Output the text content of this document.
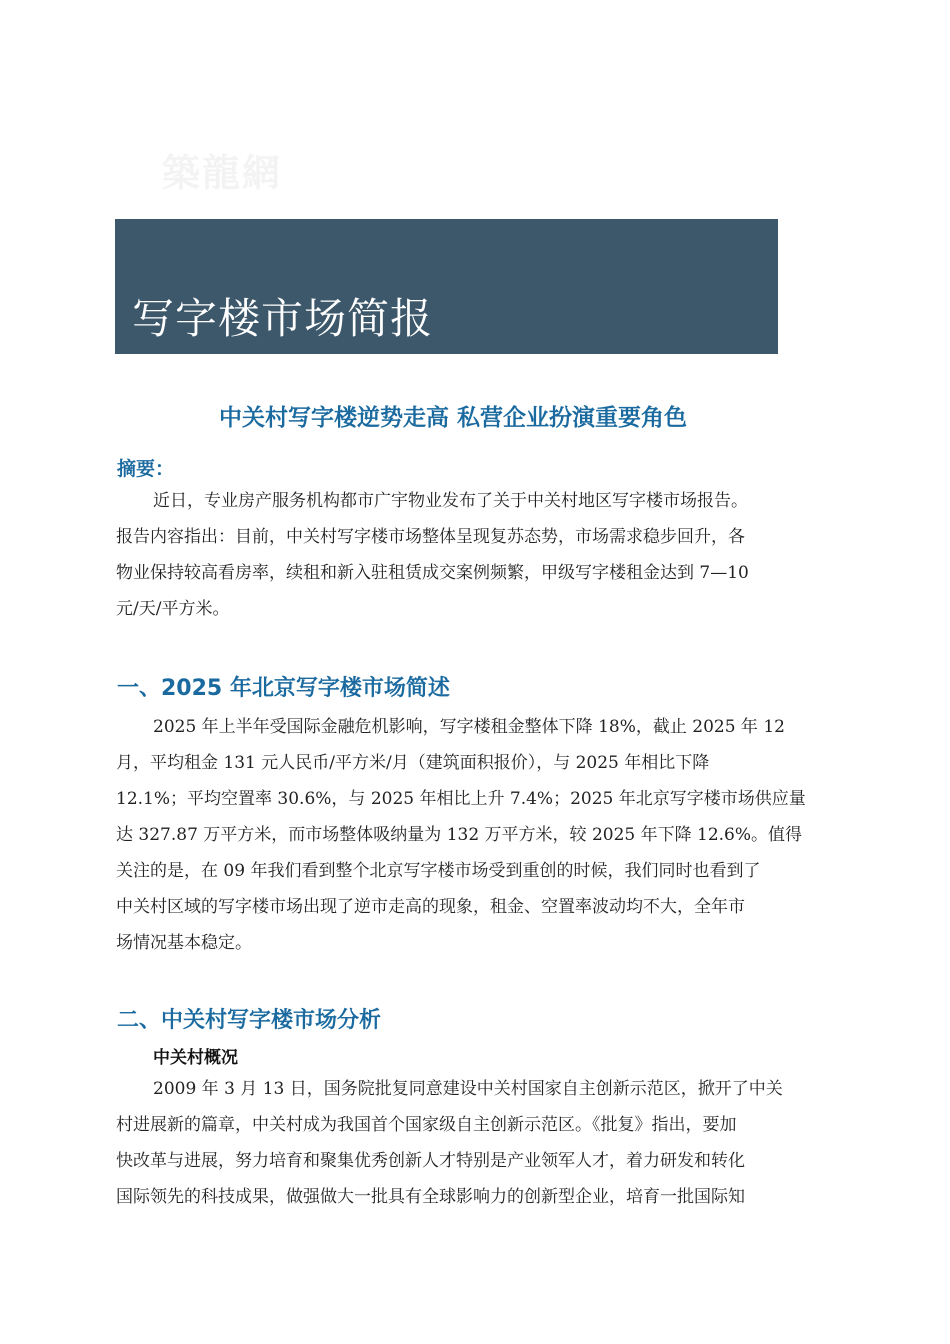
築龍網
写字楼市场简报
中关村写字楼逆势走高 私营企业扮演重要角色
摘要：
近日，专业房产服务机构都市广宇物业发布了关于中关村地区写字楼市场报告。
报告内容指出：目前，中关村写字楼市场整体呈现复苏态势，市场需求稳步回升，各
物业保持较高看房率，续租和新入驻租赁成交案例频繁，甲级写字楼租金达到 7—10
元/天/平方米。
一、2025 年北京写字楼市场简述
2025 年上半年受国际金融危机影响，写字楼租金整体下降 18%，截止 2025 年 12
月，平均租金 131 元人民币/平方米/月（建筑面积报价），与 2025 年相比下降
12.1%；平均空置率 30.6%，与 2025 年相比上升 7.4%；2025 年北京写字楼市场供应量
达 327.87 万平方米，而市场整体吸纳量为 132 万平方米，较 2025 年下降 12.6%。值得
关注的是，在 09 年我们看到整个北京写字楼市场受到重创的时候，我们同时也看到了
中关村区域的写字楼市场出现了逆市走高的现象，租金、空置率波动均不大，全年市
场情况基本稳定。
二、中关村写字楼市场分析
中关村概况
2009 年 3 月 13 日，国务院批复同意建设中关村国家自主创新示范区，掀开了中关
村进展新的篇章，中关村成为我国首个国家级自主创新示范区。《批复》指出，要加
快改革与进展，努力培育和聚集优秀创新人才特别是产业领军人才，着力研发和转化
国际领先的科技成果，做强做大一批具有全球影响力的创新型企业，培育一批国际知
